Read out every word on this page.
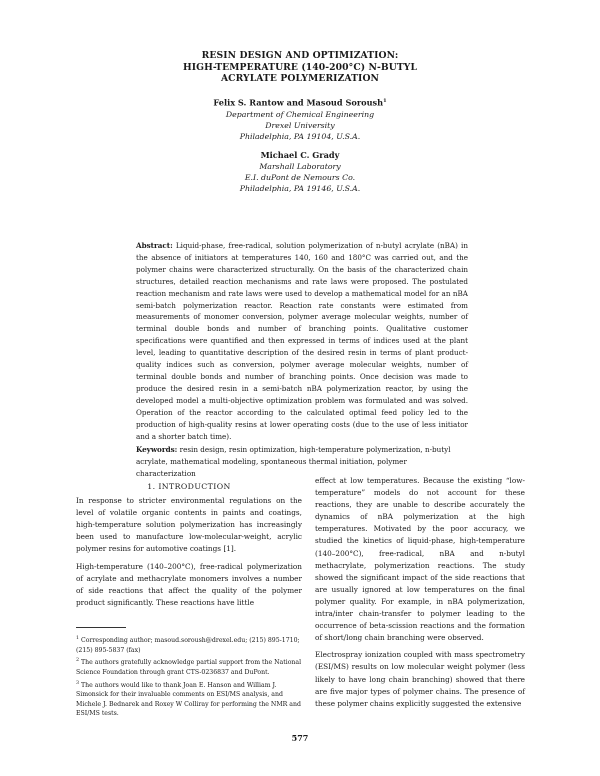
RESIN DESIGN AND OPTIMIZATION:
HIGH-TEMPERATURE (140-200°C) N-BUTYL
ACRYLATE POLYMERIZATION
Felix S. Rantow and Masoud Soroush$^1$
Department of Chemical Engineering
Drexel University
Philadelphia, PA 19104, U.S.A.
Michael C. Grady
Marshall Laboratory
E.I. duPont de Nemours Co.
Philadelphia, PA 19146, U.S.A.
Abstract: Liquid-phase, free-radical, solution polymerization of n-butyl acrylate (nBA) in the absence of initiators at temperatures 140, 160 and 180°C was carried out, and the polymer chains were characterized structurally. On the basis of the characterized chain structures, detailed reaction mechanisms and rate laws were proposed. The postulated reaction mechanism and rate laws were used to develop a mathematical model for an nBA semi-batch polymerization reactor. Reaction rate constants were estimated from measurements of monomer conversion, polymer average molecular weights, number of terminal double bonds and number of branching points. Qualitative customer specifications were quantified and then expressed in terms of indices used at the plant level, leading to quantitative description of the desired resin in terms of plant product-quality indices such as conversion, polymer average molecular weights, number of terminal double bonds and number of branching points. Once decision was made to produce the desired resin in a semi-batch nBA polymerization reactor, by using the developed model a multi-objective optimization problem was formulated and was solved. Operation of the reactor according to the calculated optimal feed policy led to the production of high-quality resins at lower operating costs (due to the use of less initiator and a shorter batch time).
Keywords: resin design, resin optimization, high-temperature polymerization, n-butyl acrylate, mathematical modeling, spontaneous thermal initiation, polymer characterization
1. INTRODUCTION

In response to stricter environmental regulations on the level of volatile organic contents in paints and coatings, high-temperature solution polymerization has increasingly been used to manufacture low-molecular-weight, acrylic polymer resins for automotive coatings [1].

High-temperature (140–200°C), free-radical polymerization of acrylate and methacrylate monomers involves a number of side reactions that affect the quality of the polymer product significantly. These reactions have little

effect at low temperatures. Because the existing “low-temperature” models do not account for these reactions, they are unable to describe accurately the dynamics of nBA polymerization at the high temperatures. Motivated by the poor accuracy, we studied the kinetics of liquid-phase, high-temperature (140–200°C), free-radical, nBA and n-butyl methacrylate, polymerization reactions. The study showed the significant impact of the side reactions that are usually ignored at low temperatures on the final polymer quality. For example, in nBA polymerization, intra/inter chain-transfer to polymer leading to the occurrence of beta-scission reactions and the formation of short/long chain branching were observed.

Electrospray ionization coupled with mass spectrometry (ESI/MS) results on low molecular weight polymer (less likely to have long chain branching) showed that there are five major types of polymer chains. The presence of these polymer chains explicitly suggested the extensive

$^1$ Corresponding author; masoud.soroush@drexel.edu; (215) 895-1710; (215) 895-5837 (fax)
$^2$ The authors gratefully acknowledge partial support from the National Science Foundation through grant CTS-0236837 and DuPont.
$^3$ The authors would like to thank Joan E. Hanson and William J. Simonsick for their invaluable comments on ESI/MS analysis, and Michele J. Bednarek and Roxey W Colliray for performing the NMR and ESI/MS tests.
577
